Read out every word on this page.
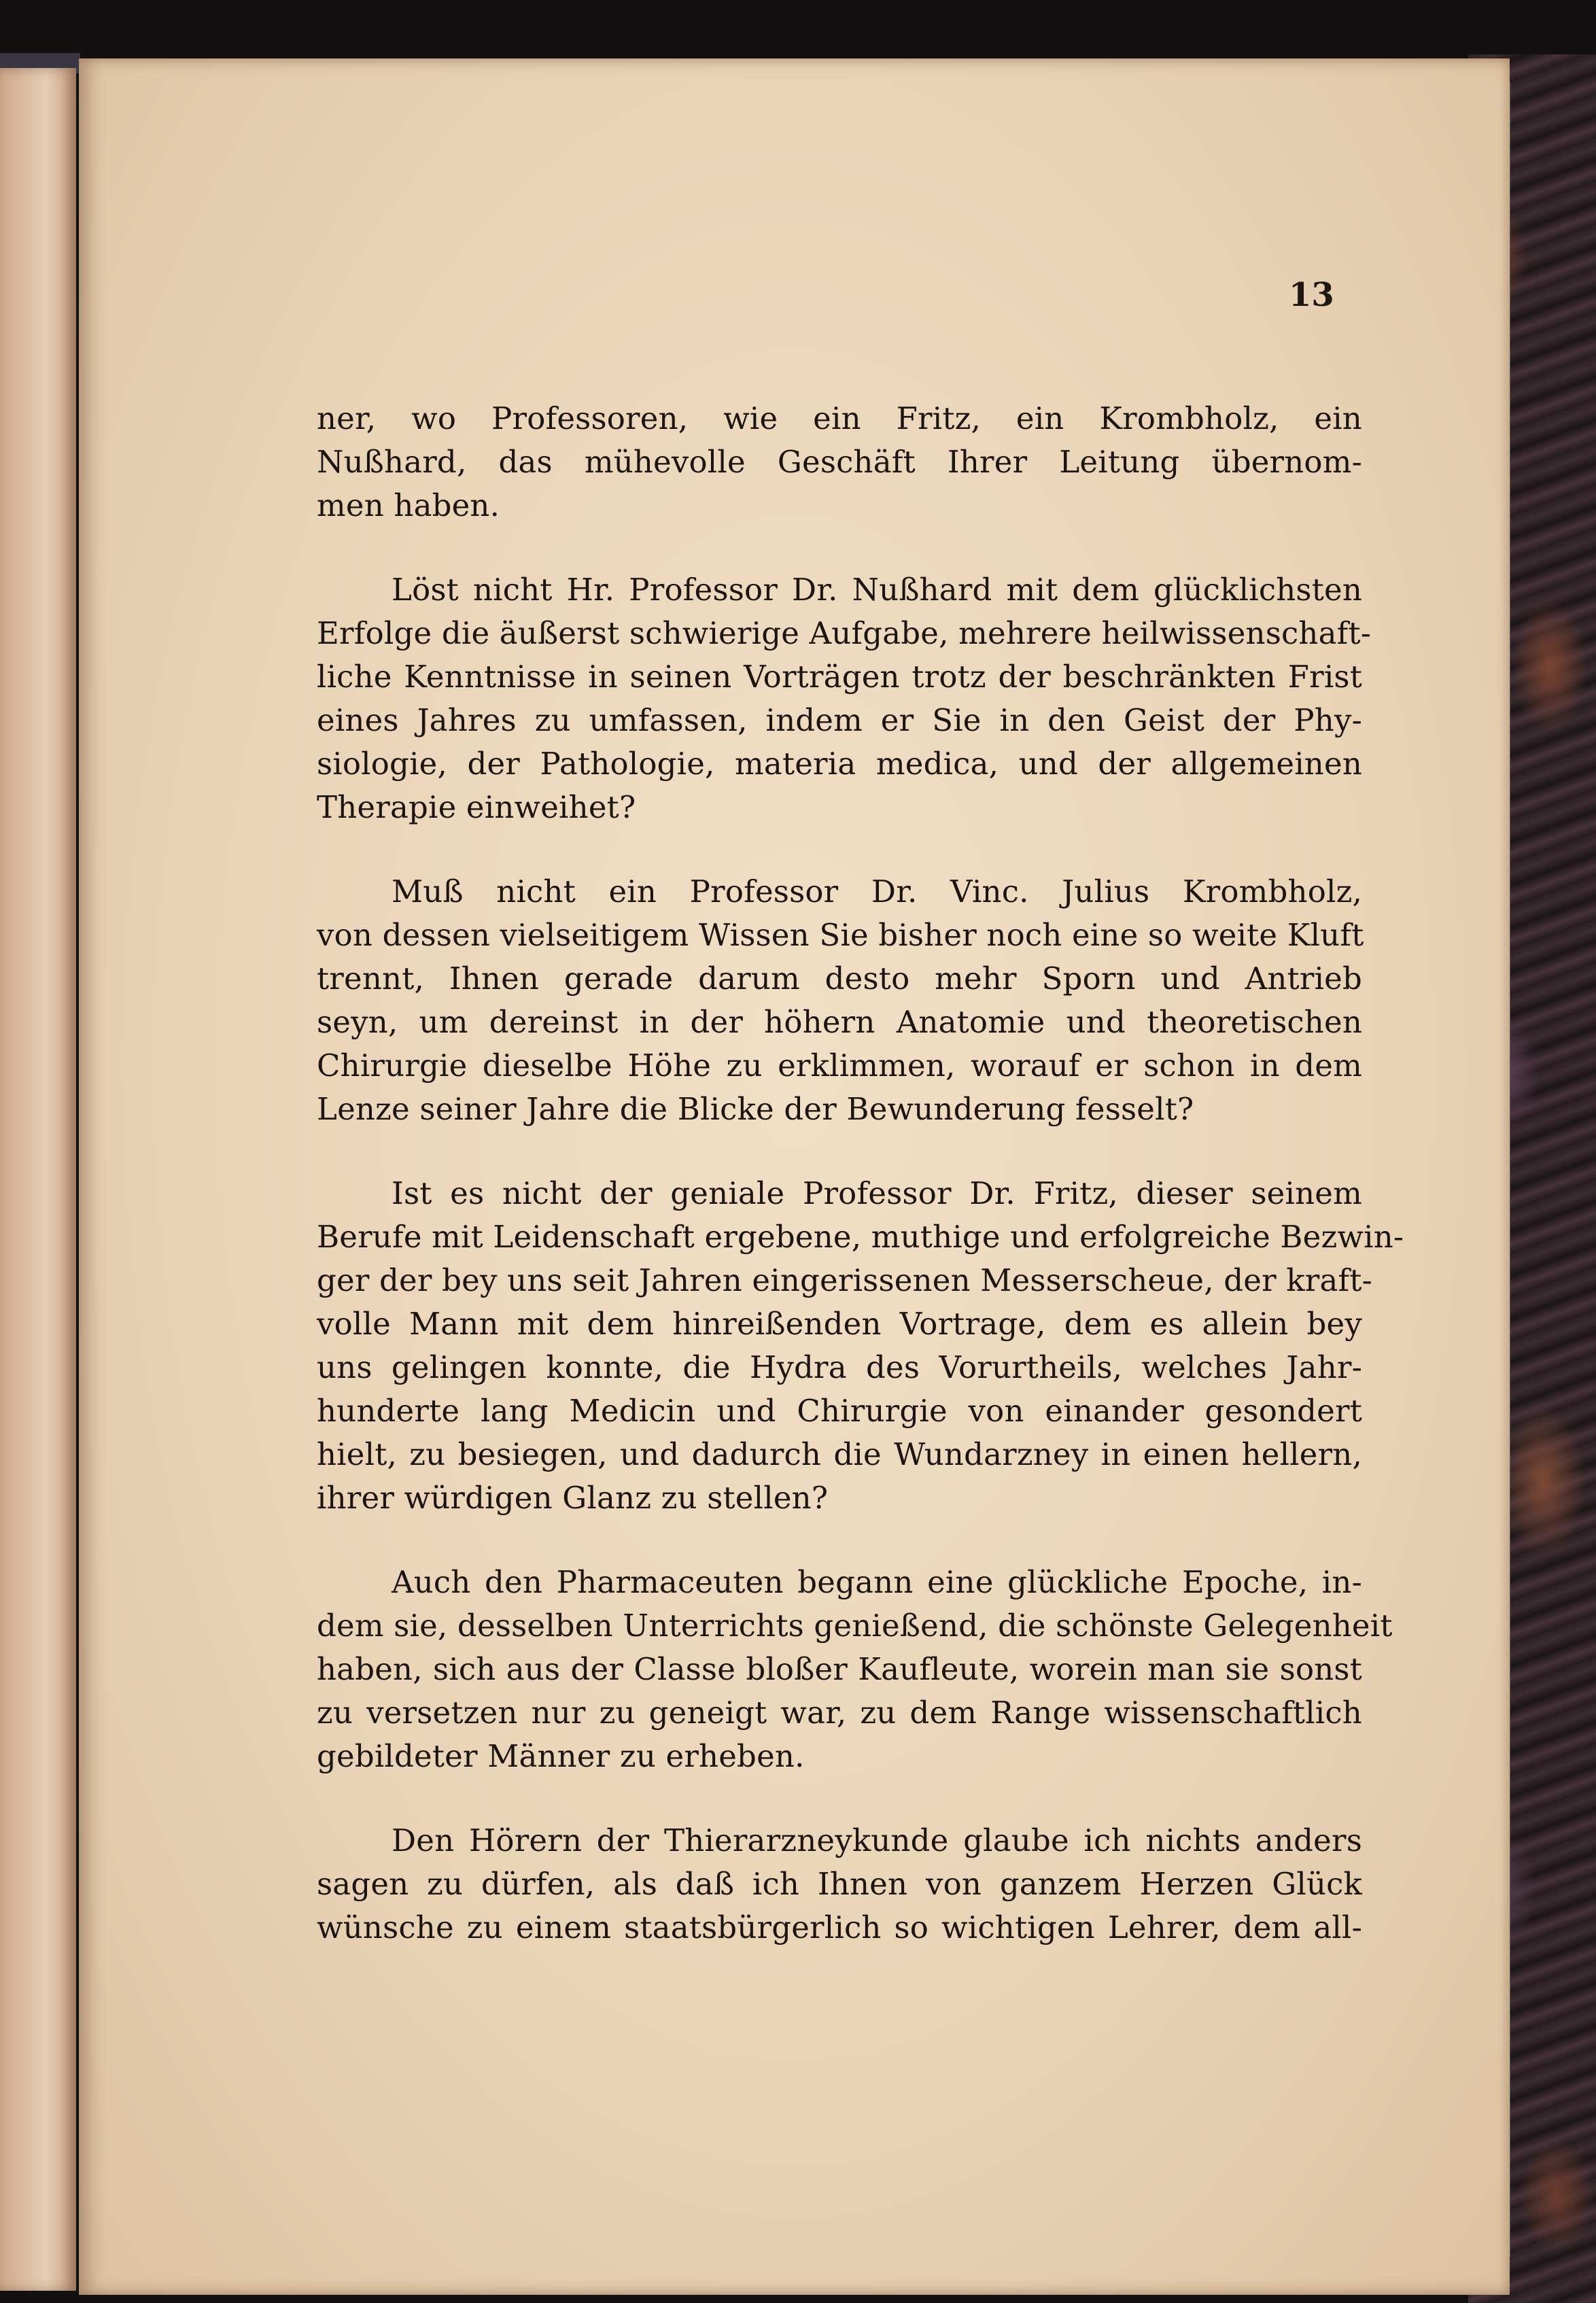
13
ner, wo Professoren, wie ein Fritz, ein Krombholz, ein
Nußhard, das mühevolle Geschäft Ihrer Leitung übernom-
men haben.
Löst nicht Hr. Professor Dr. Nußhard mit dem glücklichsten
Erfolge die äußerst schwierige Aufgabe, mehrere heilwissenschaft-
liche Kenntnisse in seinen Vorträgen trotz der beschränkten Frist
eines Jahres zu umfassen, indem er Sie in den Geist der Phy-
siologie, der Pathologie, materia medica, und der allgemeinen
Therapie einweihet?
Muß nicht ein Professor Dr. Vinc. Julius Krombholz,
von dessen vielseitigem Wissen Sie bisher noch eine so weite Kluft
trennt, Ihnen gerade darum desto mehr Sporn und Antrieb
seyn, um dereinst in der höhern Anatomie und theoretischen
Chirurgie dieselbe Höhe zu erklimmen, worauf er schon in dem
Lenze seiner Jahre die Blicke der Bewunderung fesselt?
Ist es nicht der geniale Professor Dr. Fritz, dieser seinem
Berufe mit Leidenschaft ergebene, muthige und erfolgreiche Bezwin-
ger der bey uns seit Jahren eingerissenen Messerscheue, der kraft-
volle Mann mit dem hinreißenden Vortrage, dem es allein bey
uns gelingen konnte, die Hydra des Vorurtheils, welches Jahr-
hunderte lang Medicin und Chirurgie von einander gesondert
hielt, zu besiegen, und dadurch die Wundarzney in einen hellern,
ihrer würdigen Glanz zu stellen?
Auch den Pharmaceuten begann eine glückliche Epoche, in-
dem sie, desselben Unterrichts genießend, die schönste Gelegenheit
haben, sich aus der Classe bloßer Kaufleute, worein man sie sonst
zu versetzen nur zu geneigt war, zu dem Range wissenschaftlich
gebildeter Männer zu erheben.
Den Hörern der Thierarzneykunde glaube ich nichts anders
sagen zu dürfen, als daß ich Ihnen von ganzem Herzen Glück
wünsche zu einem staatsbürgerlich so wichtigen Lehrer, dem all-
